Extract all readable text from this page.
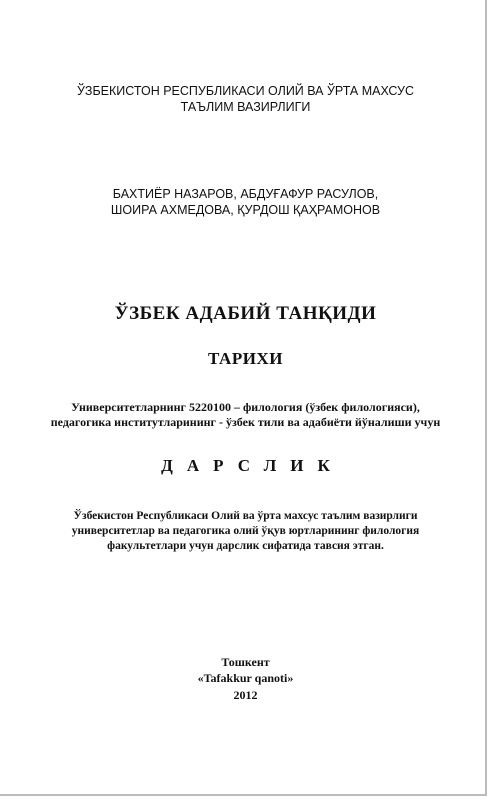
ЎЗБЕКИСТОН РЕСПУБЛИКАСИ ОЛИЙ ВА ЎРТА МАХСУС
ТАЪЛИМ ВАЗИРЛИГИ
БАХТИЁР НАЗАРОВ, АБДУҒАФУР РАСУЛОВ,
ШОИРА АХМЕДОВА, ҚУРДОШ ҚАҲРАМОНОВ
ЎЗБЕК АДАБИЙ ТАНҚИДИ
ТАРИХИ
Университетларнинг 5220100 – филология (ўзбек филологияси),
педагогика институтларининг - ўзбек тили ва адабиёти йўналиши учун
ДАРСЛИК
Ўзбекистон Республикаси Олий ва ўрта махсус таълим вазирлиги
университетлар ва педагогика олий ўқув юртларининг филология
факультетлари учун дарслик сифатида тавсия этган.
Тошкент
«Tafakkur qanoti»
2012
